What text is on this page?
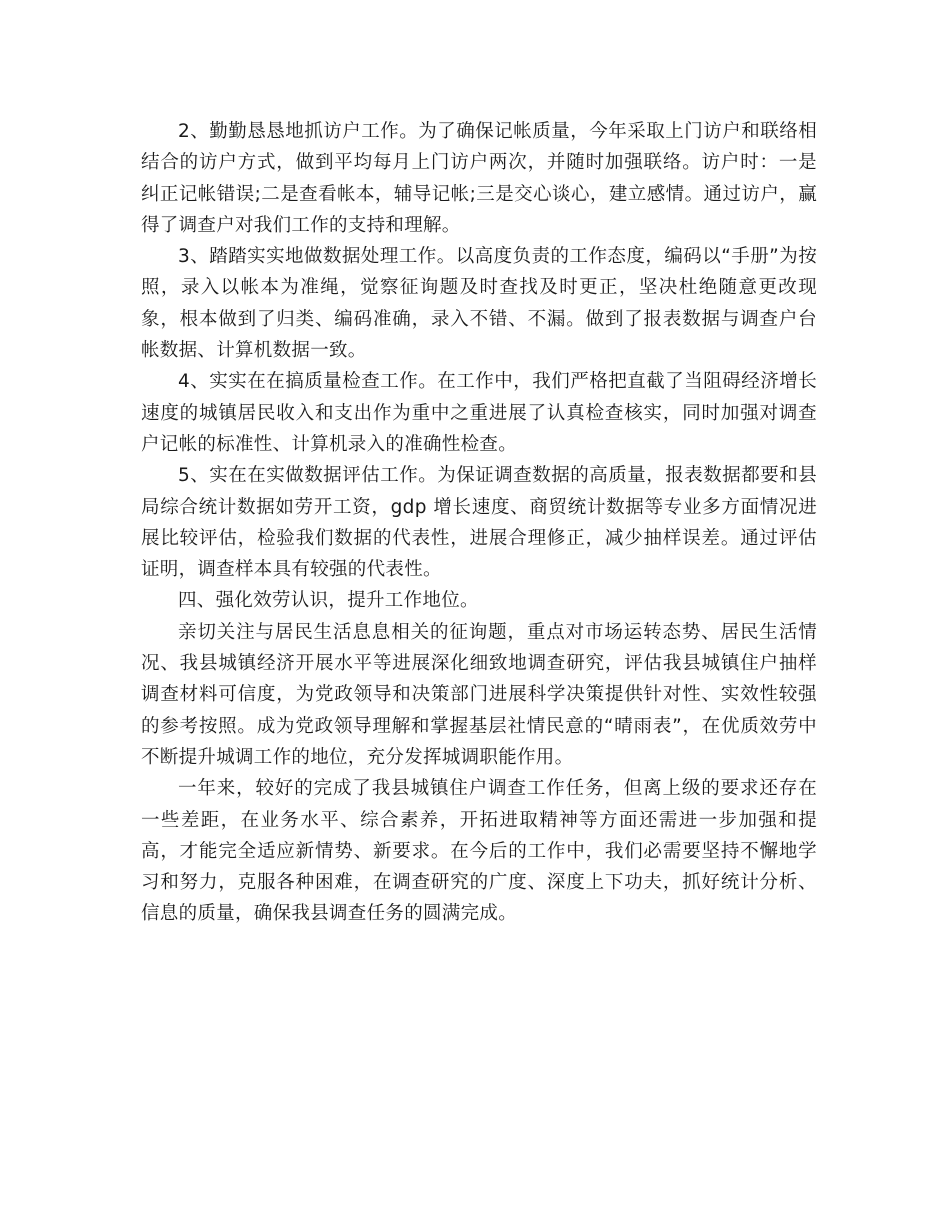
2、勤勤恳恳地抓访户工作。为了确保记帐质量，今年采取上门访户和联络相结合的访户方式，做到平均每月上门访户两次，并随时加强联络。访户时：一是纠正记帐错误;二是查看帐本，辅导记帐;三是交心谈心，建立感情。通过访户，赢得了调查户对我们工作的支持和理解。

3、踏踏实实地做数据处理工作。以高度负责的工作态度，编码以“手册”为按照，录入以帐本为准绳，觉察征询题及时查找及时更正，坚决杜绝随意更改现象，根本做到了归类、编码准确，录入不错、不漏。做到了报表数据与调查户台帐数据、计算机数据一致。

4、实实在在搞质量检查工作。在工作中，我们严格把直截了当阻碍经济增长速度的城镇居民收入和支出作为重中之重进展了认真检查核实，同时加强对调查户记帐的标准性、计算机录入的准确性检查。

5、实在在实做数据评估工作。为保证调查数据的高质量，报表数据都要和县局综合统计数据如劳开工资，gdp 增长速度、商贸统计数据等专业多方面情况进展比较评估，检验我们数据的代表性，进展合理修正，减少抽样误差。通过评估证明，调查样本具有较强的代表性。

四、强化效劳认识，提升工作地位。

亲切关注与居民生活息息相关的征询题，重点对市场运转态势、居民生活情况、我县城镇经济开展水平等进展深化细致地调查研究，评估我县城镇住户抽样调查材料可信度，为党政领导和决策部门进展科学决策提供针对性、实效性较强的参考按照。成为党政领导理解和掌握基层社情民意的“晴雨表”，在优质效劳中不断提升城调工作的地位，充分发挥城调职能作用。

一年来，较好的完成了我县城镇住户调查工作任务，但离上级的要求还存在一些差距，在业务水平、综合素养，开拓进取精神等方面还需进一步加强和提高，才能完全适应新情势、新要求。在今后的工作中，我们必需要坚持不懈地学习和努力，克服各种困难，在调查研究的广度、深度上下功夫，抓好统计分析、信息的质量，确保我县调查任务的圆满完成。
